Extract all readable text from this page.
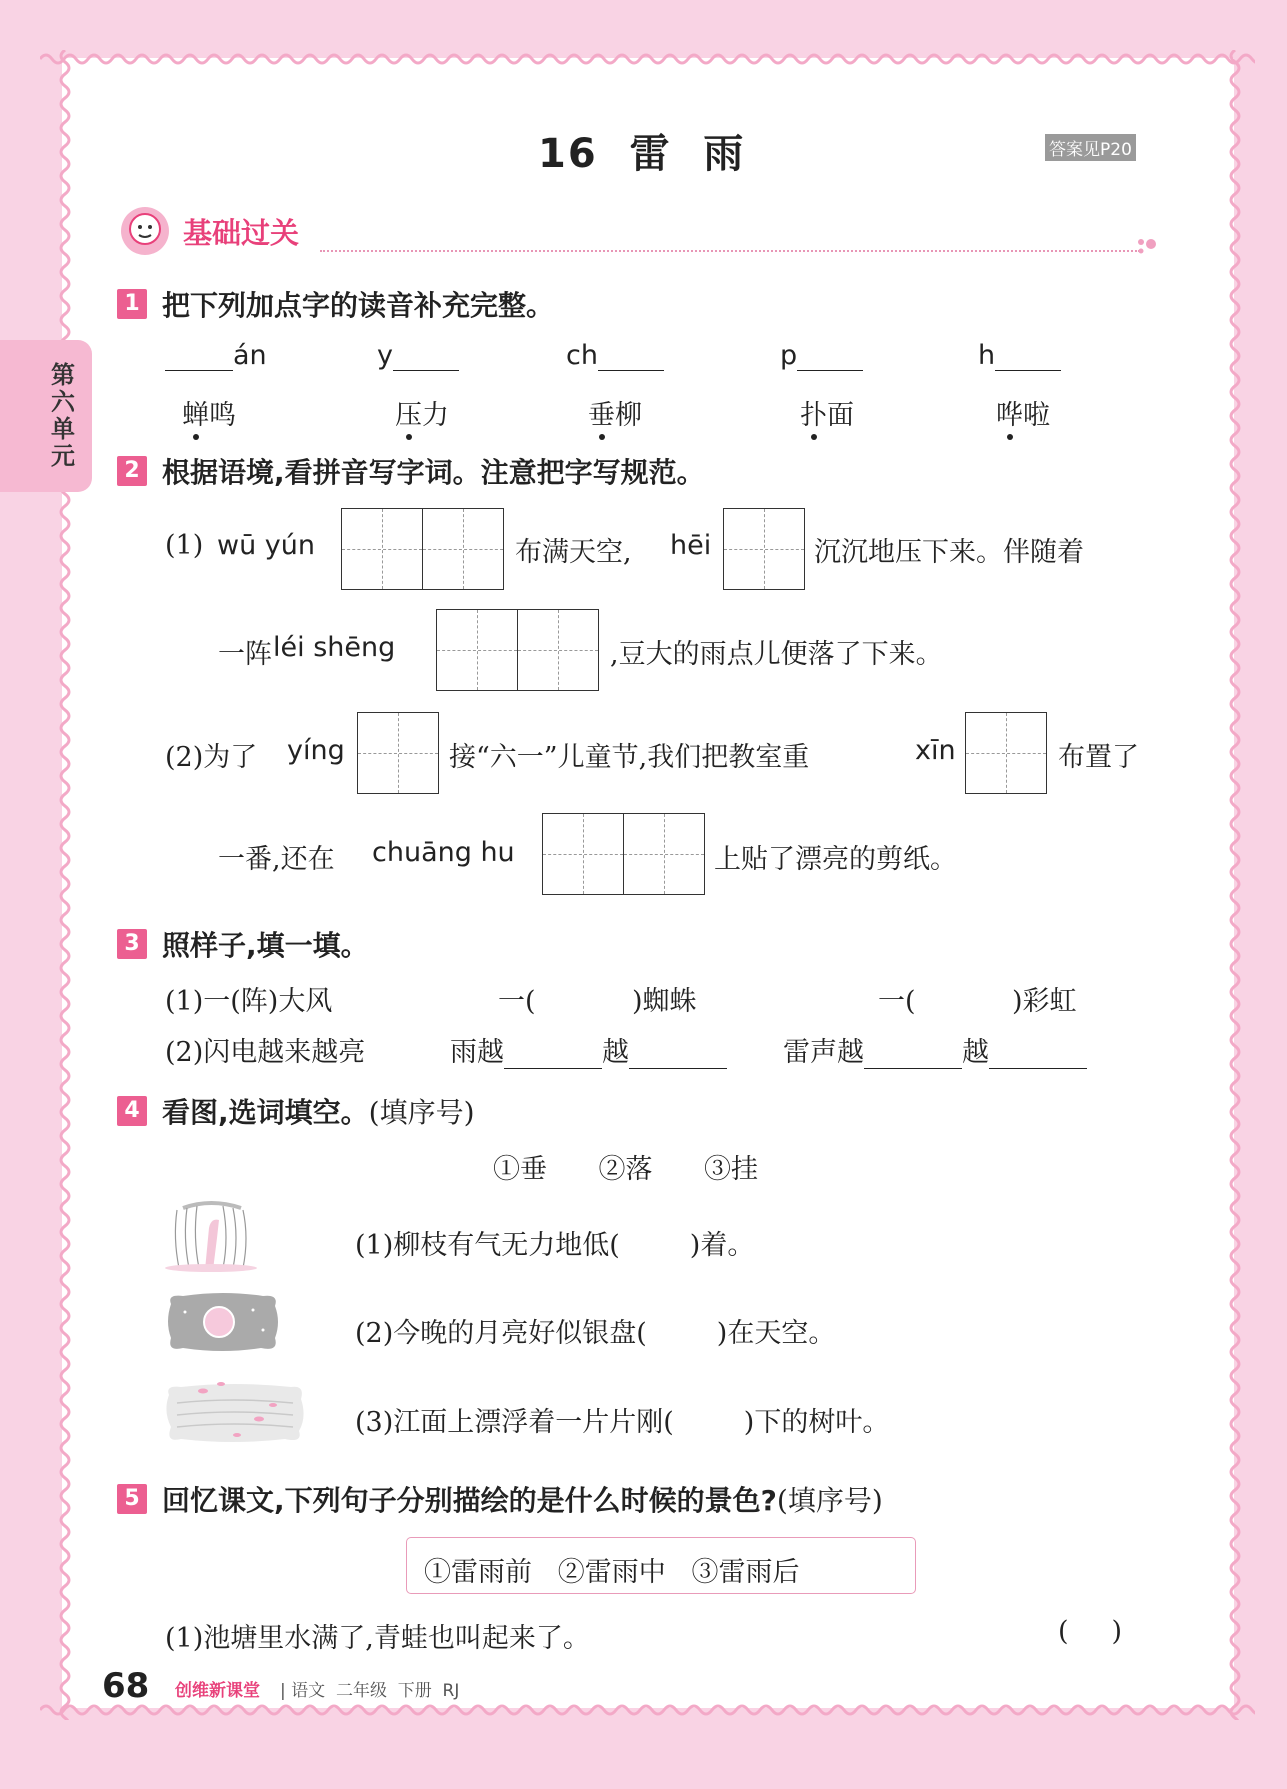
第六单元
16  雷  雨	答案见P20
基础过关
1 把下列加点字的读音补充完整。
án	y	ch	p	h
蝉鸣	压力	垂柳	扑面	哗啦
2 根据语境,看拼音写字词。注意把字写规范。
(1) wū yún	布满天空, hēi	沉沉地压下来。伴随着
一阵 léi shēng	,豆大的雨点儿便落了下来。
(2)为了 yíng	接“六一”儿童节,我们把教室重	xīn	布置了
一番,还在 chuāng hu	上贴了漂亮的剪纸。
3 照样子,填一填。
(1)一(阵)大风	一(	)蜘蛛	一(	)彩虹
(2)闪电越来越亮	雨越	越	雷声越	越
4 看图,选词填空。(填序号)
①垂      ②落      ③挂
(1)柳枝有气无力地低(	)着。
(2)今晚的月亮好似银盘(	)在天空。
(3)江面上漂浮着一片片刚(	)下的树叶。
5 回忆课文,下列句子分别描绘的是什么时候的景色?(填序号)
①雷雨前   ②雷雨中   ③雷雨后
(1)池塘里水满了,青蛙也叫起来了。	(     )
68 创维新课堂 | 语文  二年级  下册  RJ
